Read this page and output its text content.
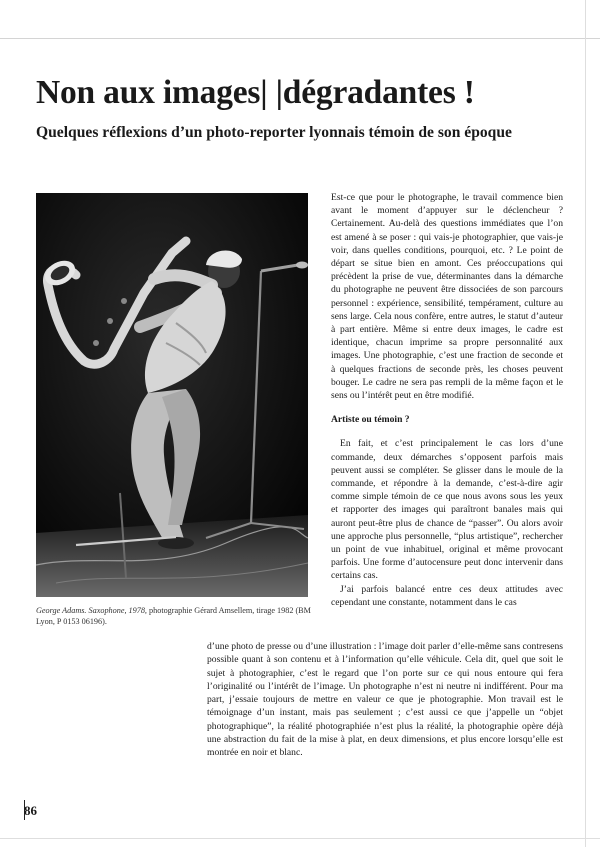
Non aux images| |dégradantes !
Quelques réflexions d’un photo-reporter lyonnais témoin de son époque

George Adams. Saxophone, 1978, photographie Gérard Amsellem, tirage 1982 (BM Lyon, P 0153 06196).

Est-ce que pour le photographe, le travail commence bien avant le moment d’appuyer sur le déclencheur ? Certainement. Au-delà des questions immédiates que l’on est amené à se poser : qui vais-je photographier, que vais-je voir, dans quelles conditions, pourquoi, etc. ? Le point de départ se situe bien en amont. Ces préoccupations qui précèdent la prise de vue, déterminantes dans la démarche du photographe ne peuvent être dissociées de son parcours personnel : expérience, sensibilité, tempérament, culture au sens large. Cela nous confère, entre autres, le statut d’auteur à part entière. Même si entre deux images, le cadre est identique, chacun imprime sa propre personnalité aux images. Une photographie, c’est une fraction de seconde et à quelques fractions de seconde près, les choses peuvent bouger. Le cadre ne sera pas rempli de la même façon et le sens ou l’intérêt peut en être modifié.

Artiste ou témoin ?

En fait, et c’est principalement le cas lors d’une commande, deux démarches s’opposent parfois mais peuvent aussi se compléter. Se glisser dans le moule de la commande, et répondre à la demande, c’est-à-dire agir comme simple témoin de ce que nous avons sous les yeux et rapporter des images qui paraîtront banales mais qui auront peut-être plus de chance de “passer”. Ou alors avoir une approche plus personnelle, “plus artistique”, rechercher un point de vue inhabituel, original et même provocant parfois. Une forme d’autocensure peut donc intervenir dans certains cas.

J’ai parfois balancé entre ces deux attitudes avec cependant une constante, notamment dans le cas

d’une photo de presse ou d’une illustration : l’image doit parler d’elle-même sans contresens possible quant à son contenu et à l’information qu’elle véhicule. Cela dit, quel que soit le sujet à photographier, c’est le regard que l’on porte sur ce qui nous entoure qui fera l’originalité ou l’intérêt de l’image. Un photographe n’est ni neutre ni indifférent. Pour ma part, j’essaie toujours de mettre en valeur ce que je photographie. Mon travail est le témoignage d’un instant, mais pas seulement ; c’est aussi ce que j’appelle un “objet photographique”, la réalité photographiée n’est plus la réalité, la photographie opère déjà une abstraction du fait de la mise à plat, en deux dimensions, et plus encore lorsqu’elle est montrée en noir et blanc.

86
